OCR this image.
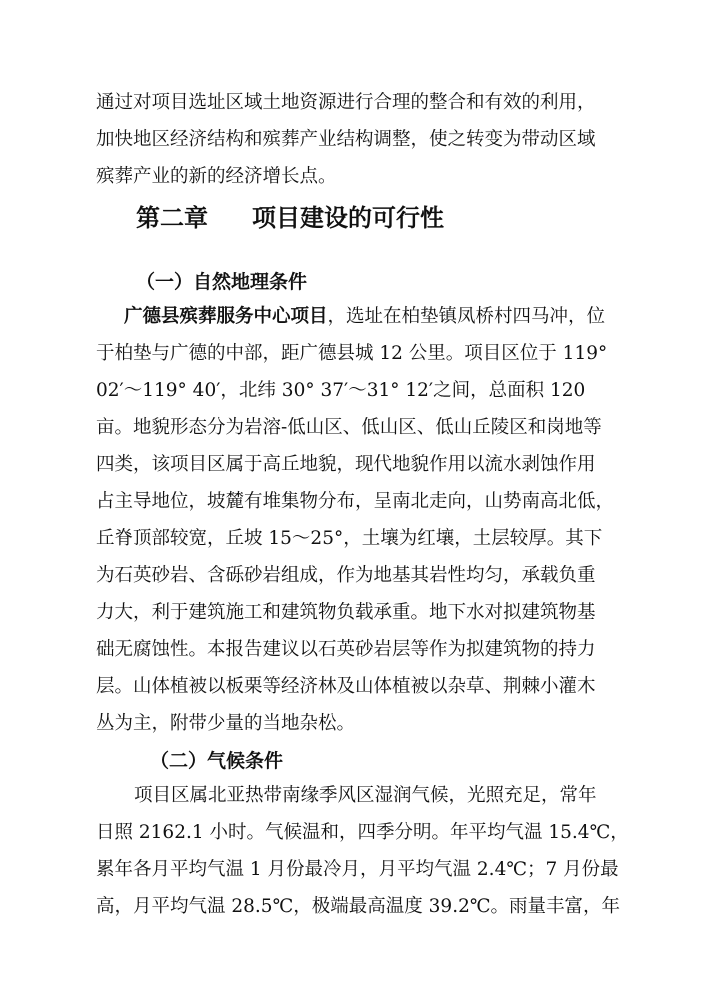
通过对项目选址区域土地资源进行合理的整合和有效的利用，
加快地区经济结构和殡葬产业结构调整，使之转变为带动区域
殡葬产业的新的经济增长点。
第二章 项目建设的可行性
（一）自然地理条件
广德县殡葬服务中心项目，选址在柏垫镇凤桥村四马冲，位
于柏垫与广德的中部，距广德县城 12 公里。项目区位于 119°
02′～119° 40′，北纬 30° 37′～31° 12′之间，总面积 120
亩。地貌形态分为岩溶-低山区、低山区、低山丘陵区和岗地等
四类，该项目区属于高丘地貌，现代地貌作用以流水剥蚀作用
占主导地位，坡麓有堆集物分布，呈南北走向，山势南高北低，
丘脊顶部较宽，丘坡 15～25°，土壤为红壤，土层较厚。其下
为石英砂岩、含砾砂岩组成，作为地基其岩性均匀，承载负重
力大，利于建筑施工和建筑物负载承重。地下水对拟建筑物基
础无腐蚀性。本报告建议以石英砂岩层等作为拟建筑物的持力
层。山体植被以板栗等经济林及山体植被以杂草、荆棘小灌木
丛为主，附带少量的当地杂松。
（二）气候条件
项目区属北亚热带南缘季风区湿润气候，光照充足，常年
日照 2162.1 小时。气候温和，四季分明。年平均气温 15.4℃，
累年各月平均气温 1 月份最冷月，月平均气温 2.4℃；7 月份最
高，月平均气温 28.5℃，极端最高温度 39.2℃。雨量丰富，年
